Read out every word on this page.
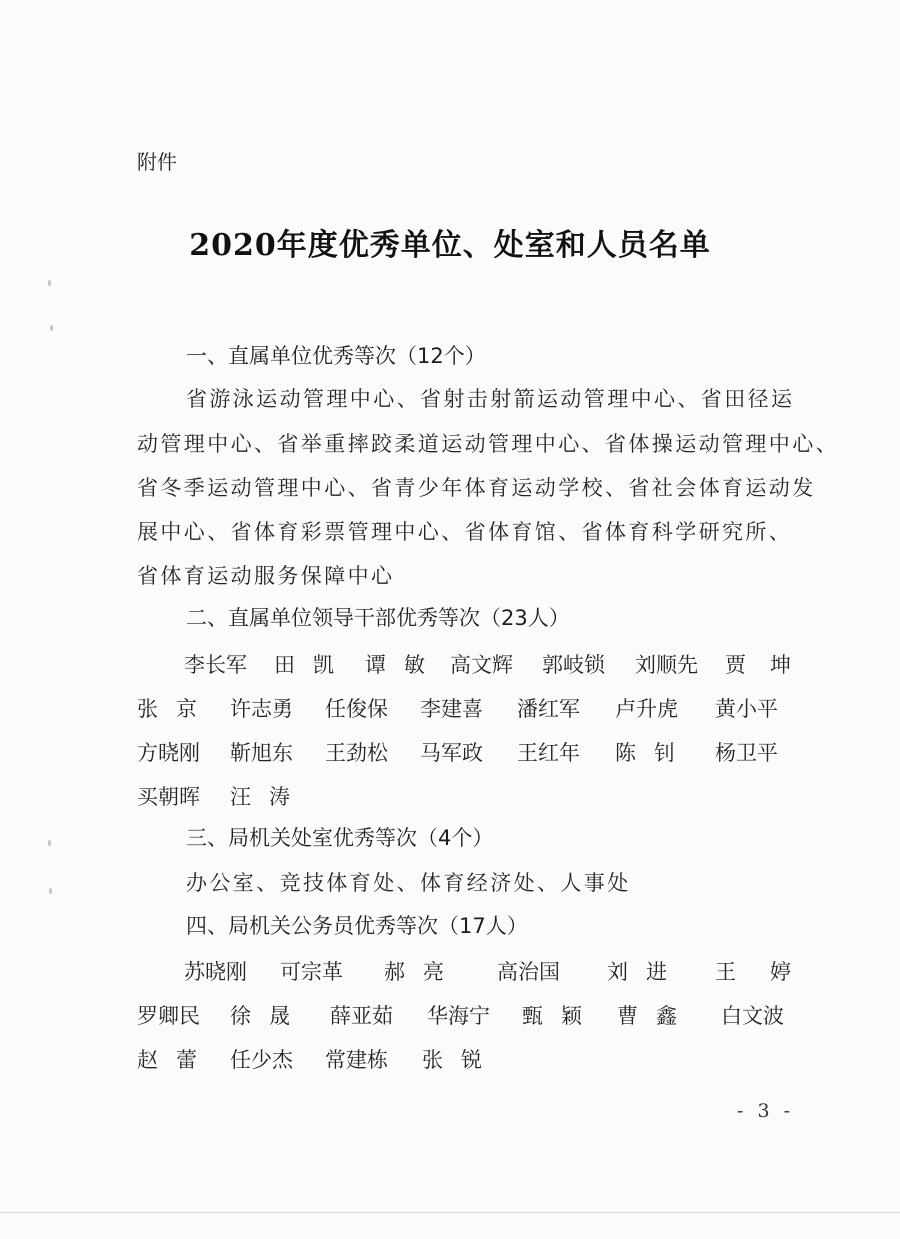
附件
2020年度优秀单位、处室和人员名单
一、直属单位优秀等次（12个）
省游泳运动管理中心、省射击射箭运动管理中心、省田径运
动管理中心、省举重摔跤柔道运动管理中心、省体操运动管理中心、
省冬季运动管理中心、省青少年体育运动学校、省社会体育运动发
展中心、省体育彩票管理中心、省体育馆、省体育科学研究所、
省体育运动服务保障中心
二、直属单位领导干部优秀等次（23人）
李长军 田 凯 谭 敏 高文辉 郭岐锁 刘顺先 贾 坤
张 京 许志勇 任俊保 李建喜 潘红军 卢升虎 黄小平
方晓刚 靳旭东 王劲松 马军政 王红年 陈 钊 杨卫平
买朝晖 汪 涛
三、局机关处室优秀等次（4个）
办公室、竞技体育处、体育经济处、人事处
四、局机关公务员优秀等次（17人）
苏晓刚 可宗革 郝 亮	高治国 刘 进 王 婷
罗卿民 徐 晟 薛亚茹 华海宁 甄 颖 曹 鑫 白文波
赵 蕾 任少杰 常建栋 张 锐
- 3 -
